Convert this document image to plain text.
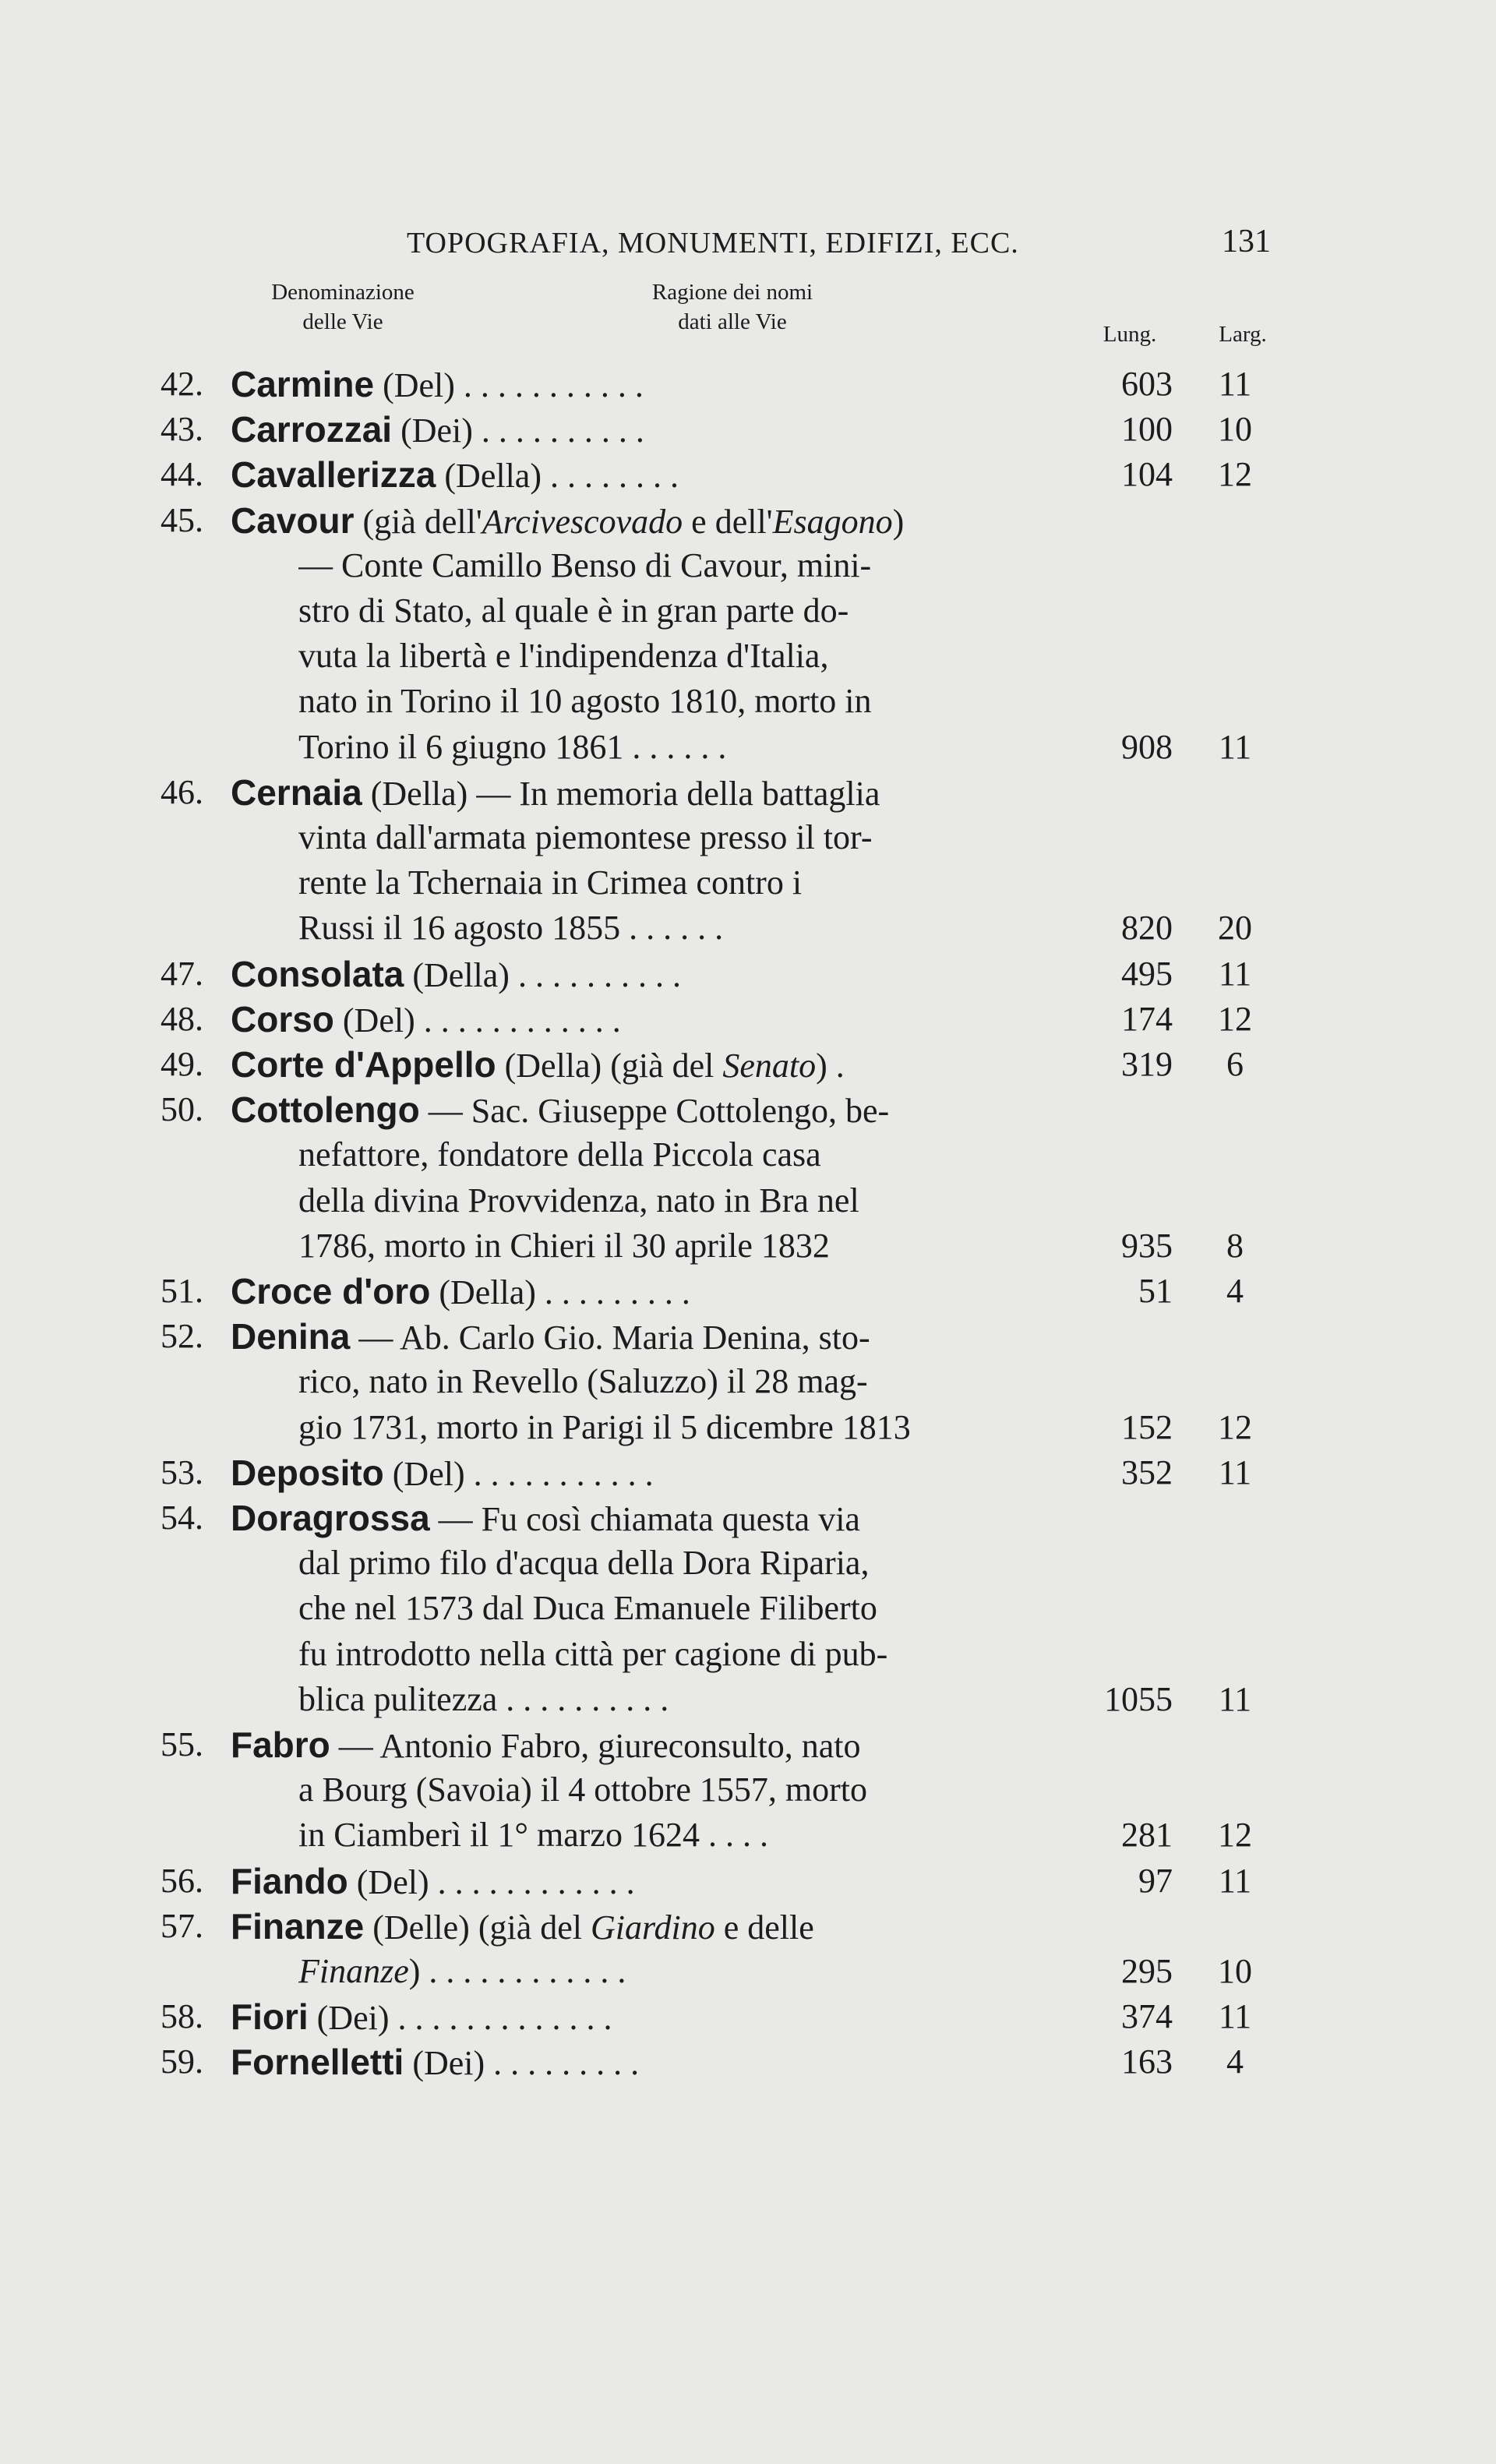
TOPOGRAFIA, MONUMENTI, EDIFIZI, ECC.	131
Denominazione
delle Vie
Ragione dei nomi
dati alle Vie	Lung.	Larg.
42. Carmine (Del) . . . . . . . . . . .	603	11
43. Carrozzai (Dei) . . . . . . . . . .	100	10
44. Cavallerizza (Della) . . . . . . . .	104	12
45. Cavour (già dell'Arcivescovado e dell'Esagono)
— Conte Camillo Benso di Cavour, mini-
stro di Stato, al quale è in gran parte do-
vuta la libertà e l'indipendenza d'Italia,
nato in Torino il 10 agosto 1810, morto in
Torino il 6 giugno 1861 . . . . . .	908	11
46. Cernaia (Della) — In memoria della battaglia
vinta dall'armata piemontese presso il tor-
rente la Tchernaia in Crimea contro i
Russi il 16 agosto 1855 . . . . . .	820	20
47. Consolata (Della) . . . . . . . . . .	495	11
48. Corso (Del) . . . . . . . . . . . .	174	12
49. Corte d'Appello (Della) (già del Senato) .	319	6
50. Cottolengo — Sac. Giuseppe Cottolengo, be-
nefattore, fondatore della Piccola casa
della divina Provvidenza, nato in Bra nel
1786, morto in Chieri il 30 aprile 1832	935	8
51. Croce d'oro (Della) . . . . . . . . .	51	4
52. Denina — Ab. Carlo Gio. Maria Denina, sto-
rico, nato in Revello (Saluzzo) il 28 mag-
gio 1731, morto in Parigi il 5 dicembre 1813	152	12
53. Deposito (Del) . . . . . . . . . . .	352	11
54. Doragrossa — Fu così chiamata questa via
dal primo filo d'acqua della Dora Riparia,
che nel 1573 dal Duca Emanuele Filiberto
fu introdotto nella città per cagione di pub-
blica pulitezza . . . . . . . . . .	1055	11
55. Fabro — Antonio Fabro, giureconsulto, nato
a Bourg (Savoia) il 4 ottobre 1557, morto
in Ciamberì il 1° marzo 1624 . . . .	281	12
56. Fiando (Del) . . . . . . . . . . . .	97	11
57. Finanze (Delle) (già del Giardino e delle
Finanze) . . . . . . . . . . . .	295	10
58. Fiori (Dei) . . . . . . . . . . . . .	374	11
59. Fornelletti (Dei) . . . . . . . . .	163	4
